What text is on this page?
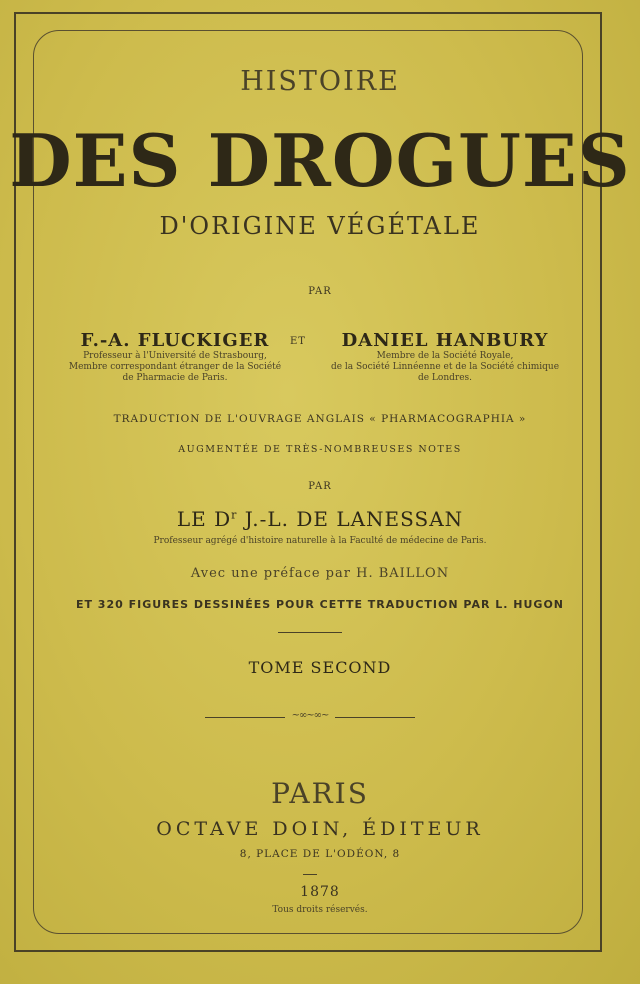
HISTOIRE
DES DROGUES
D'ORIGINE VÉGÉTALE
PAR
F.-A. FLUCKIGER
Professeur à l'Université de Strasbourg,
Membre correspondant étranger de la Société
de Pharmacie de Paris.
ET	DANIEL HANBURY
Membre de la Société Royale,
de la Société Linnéenne et de la Société chimique
de Londres.
TRADUCTION DE L'OUVRAGE ANGLAIS « PHARMACOGRAPHIA »
AUGMENTÉE DE TRÈS-NOMBREUSES NOTES
PAR
LE $D^r$ J.-L. DE LANESSAN
Professeur agrégé d'histoire naturelle à la Faculté de médecine de Paris.
Avec une préface par H. BAILLON
ET 320 FIGURES DESSINÉES POUR CETTE TRADUCTION PAR L. HUGON
TOME SECOND
~∞~∞~
PARIS
OCTAVE DOIN, ÉDITEUR
8, PLACE DE L'ODÉON, 8
1878
Tous droits réservés.
